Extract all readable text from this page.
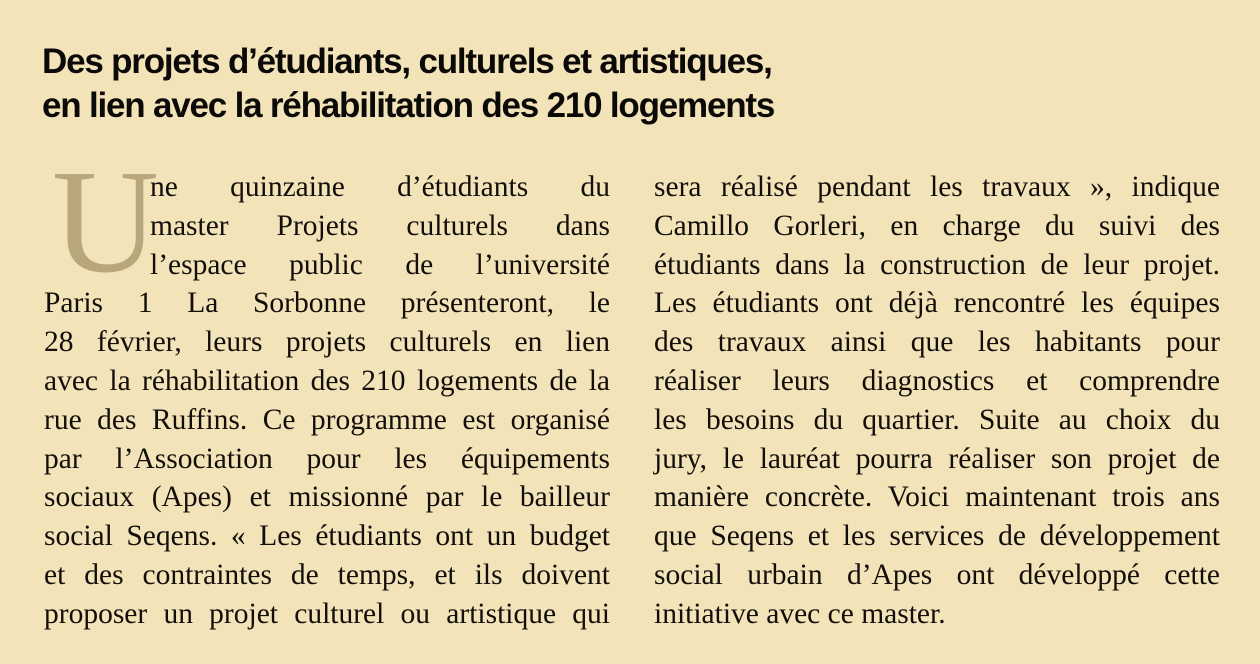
Des projets d’étudiants, culturels et artistiques,
en lien avec la réhabilitation des 210 logements
U
ne quinzaine d’étudiants du
master Projets culturels dans
l’espace public de l’université
Paris 1 La Sorbonne présenteront, le
28 février, leurs projets culturels en lien
avec la réhabilitation des 210 logements de la
rue des Ruffins. Ce programme est organisé
par l’Association pour les équipements
sociaux (Apes) et missionné par le bailleur
social Seqens. « Les étudiants ont un budget
et des contraintes de temps, et ils doivent
proposer un projet culturel ou artistique qui
sera réalisé pendant les travaux », indique
Camillo Gorleri, en charge du suivi des
étudiants dans la construction de leur projet.
Les étudiants ont déjà rencontré les équipes
des travaux ainsi que les habitants pour
réaliser leurs diagnostics et comprendre
les besoins du quartier. Suite au choix du
jury, le lauréat pourra réaliser son projet de
manière concrète. Voici maintenant trois ans
que Seqens et les services de développement
social urbain d’Apes ont développé cette
initiative avec ce master.
